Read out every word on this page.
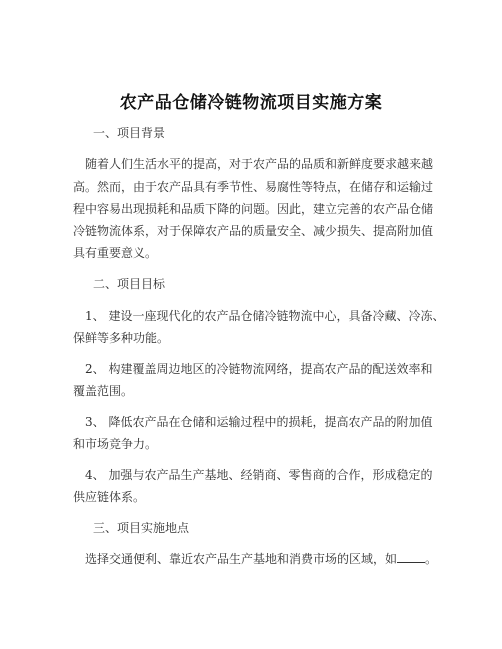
农产品仓储冷链物流项目实施方案
一、项目背景
随着人们生活水平的提高，对于农产品的品质和新鲜度要求越来越
高。然而，由于农产品具有季节性、易腐性等特点，在储存和运输过
程中容易出现损耗和品质下降的问题。因此，建立完善的农产品仓储
冷链物流体系，对于保障农产品的质量安全、减少损失、提高附加值
具有重要意义。
二、项目目标
1、 建设一座现代化的农产品仓储冷链物流中心，具备冷藏、冷冻、
保鲜等多种功能。
2、 构建覆盖周边地区的冷链物流网络，提高农产品的配送效率和
覆盖范围。
3、 降低农产品在仓储和运输过程中的损耗，提高农产品的附加值
和市场竞争力。
4、 加强与农产品生产基地、经销商、零售商的合作，形成稳定的
供应链体系。
三、项目实施地点
选择交通便利、靠近农产品生产基地和消费市场的区域，如 。
